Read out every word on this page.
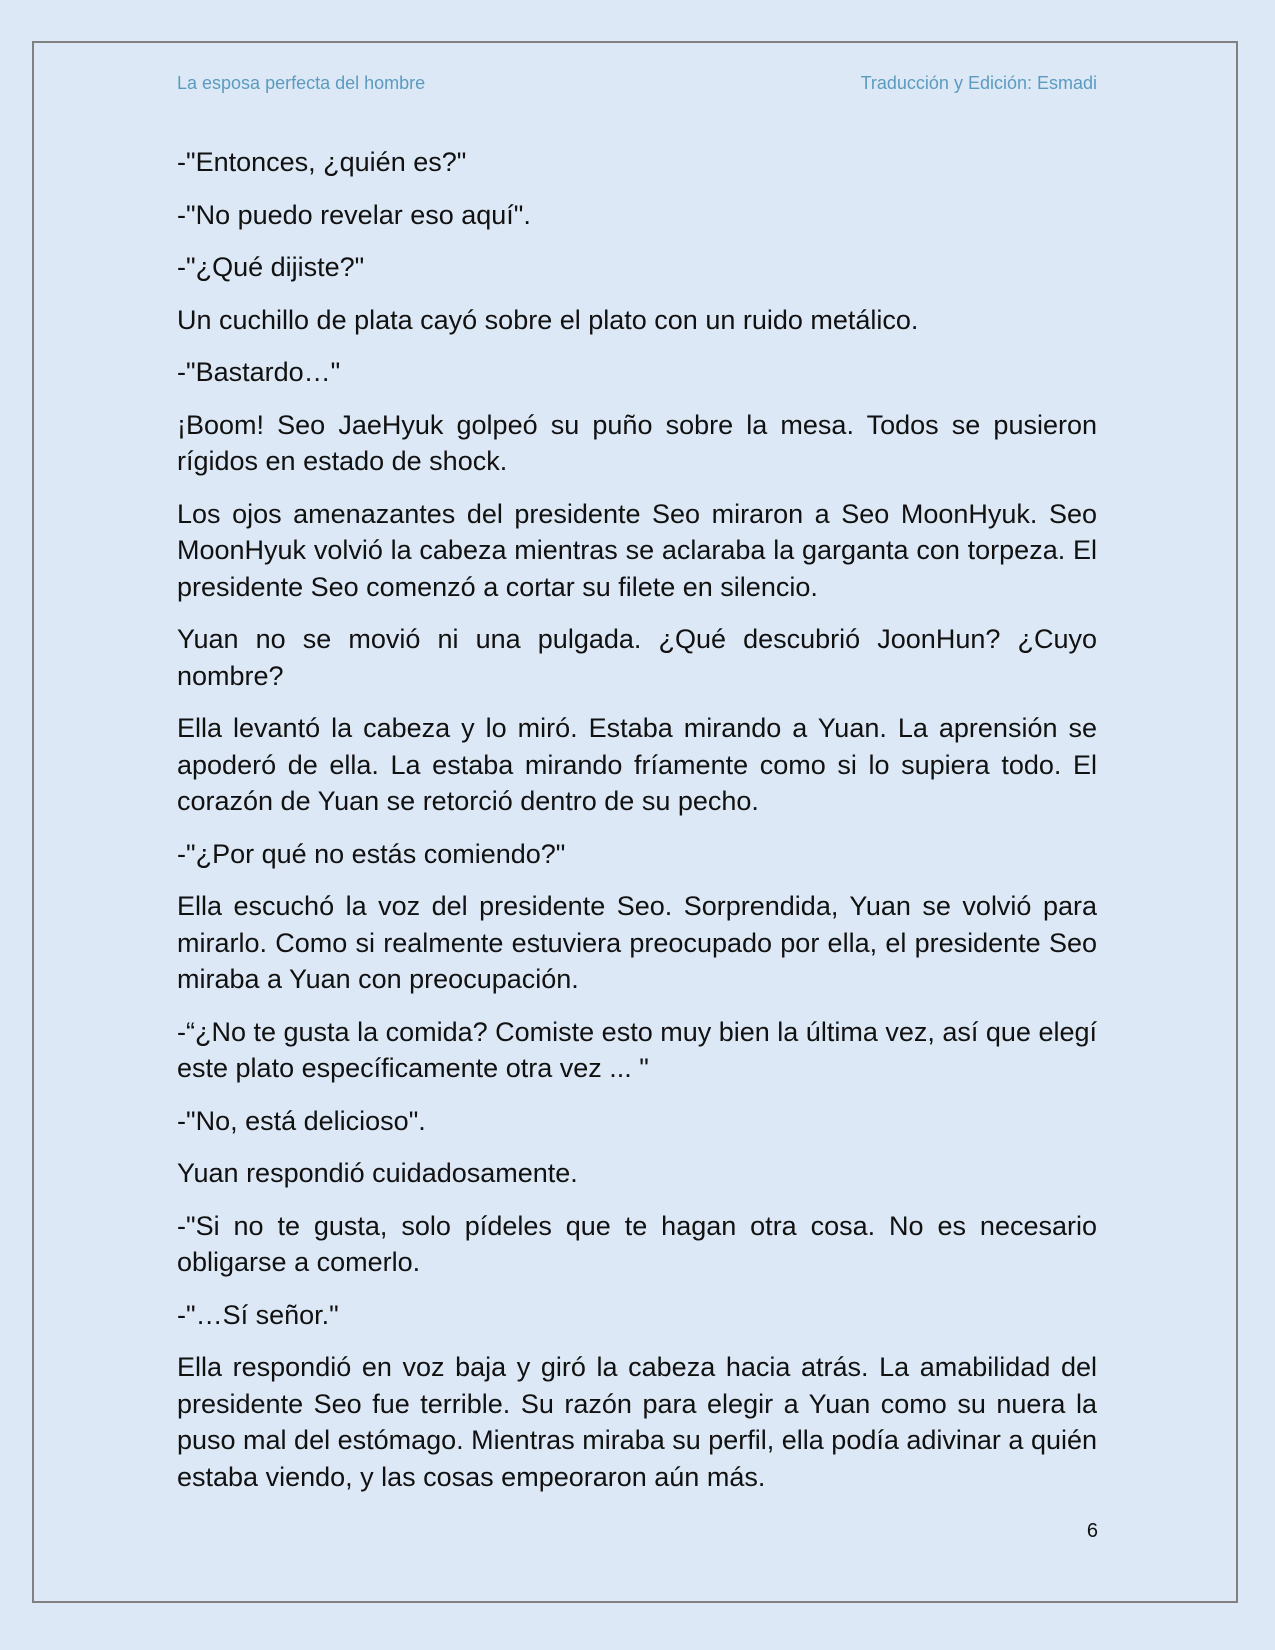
La esposa perfecta del hombre	Traducción y Edición: Esmadi

-"Entonces, ¿quién es?"

-"No puedo revelar eso aquí".

-"¿Qué dijiste?"

Un cuchillo de plata cayó sobre el plato con un ruido metálico.

-"Bastardo…"

¡Boom! Seo JaeHyuk golpeó su puño sobre la mesa. Todos se pusieron rígidos en estado de shock.

Los ojos amenazantes del presidente Seo miraron a Seo MoonHyuk. Seo MoonHyuk volvió la cabeza mientras se aclaraba la garganta con torpeza. El presidente Seo comenzó a cortar su filete en silencio.

Yuan no se movió ni una pulgada. ¿Qué descubrió JoonHun? ¿Cuyo nombre?

Ella levantó la cabeza y lo miró. Estaba mirando a Yuan. La aprensión se apoderó de ella. La estaba mirando fríamente como si lo supiera todo. El corazón de Yuan se retorció dentro de su pecho.

-"¿Por qué no estás comiendo?"

Ella escuchó la voz del presidente Seo. Sorprendida, Yuan se volvió para mirarlo. Como si realmente estuviera preocupado por ella, el presidente Seo miraba a Yuan con preocupación.

-“¿No te gusta la comida? Comiste esto muy bien la última vez, así que elegí este plato específicamente otra vez ... "

-"No, está delicioso".

Yuan respondió cuidadosamente.

-"Si no te gusta, solo pídeles que te hagan otra cosa. No es necesario obligarse a comerlo.

-"…Sí señor."

Ella respondió en voz baja y giró la cabeza hacia atrás. La amabilidad del presidente Seo fue terrible. Su razón para elegir a Yuan como su nuera la puso mal del estómago. Mientras miraba su perfil, ella podía adivinar a quién estaba viendo, y las cosas empeoraron aún más.

6
